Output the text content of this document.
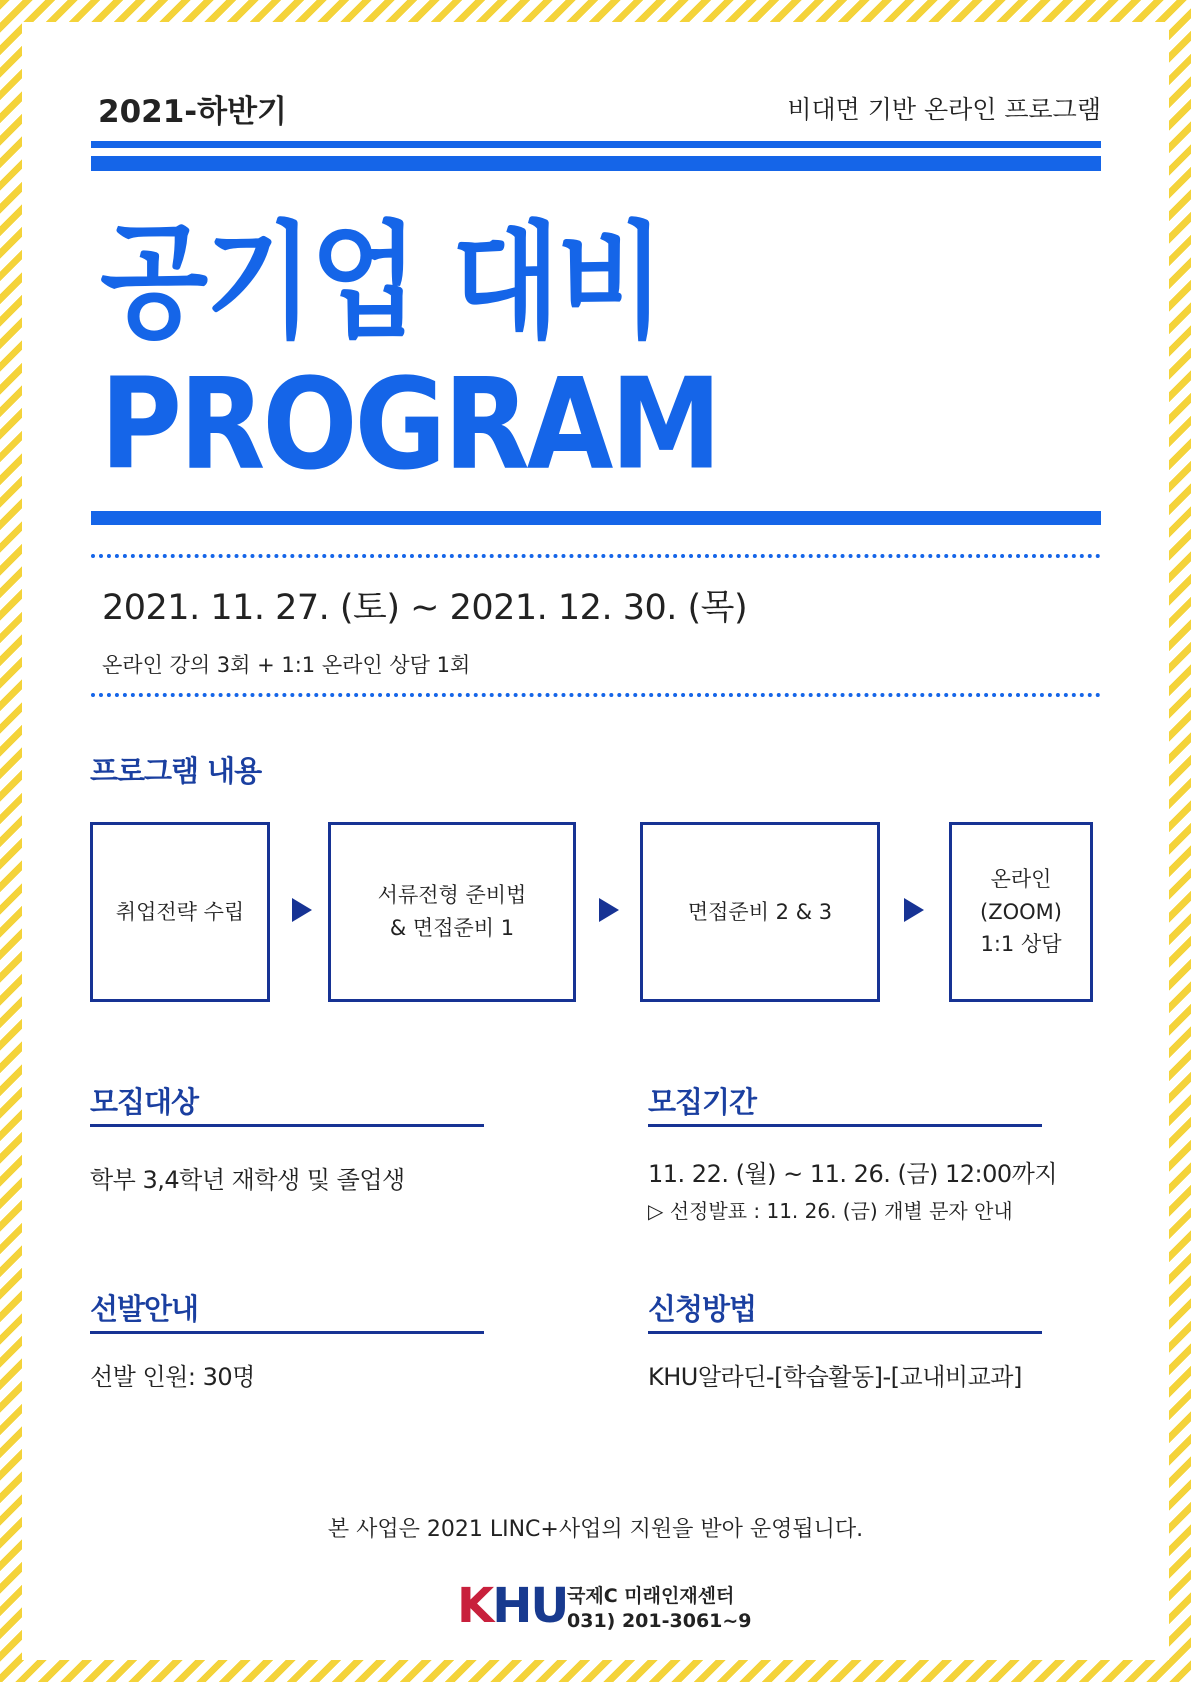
2021-하반기	비대면 기반 온라인 프로그램
공기업 대비
PROGRAM
2021. 11. 27. (토) ~ 2021. 12. 30. (목)
온라인 강의 3회 + 1:1 온라인 상담 1회
프로그램 내용
취업전략 수립
서류전형 준비법
& 면접준비 1
면접준비 2 & 3
온라인
(ZOOM)
1:1 상담
모집대상
학부 3,4학년 재학생 및 졸업생
모집기간
11. 22. (월) ~ 11. 26. (금) 12:00까지
▷ 선정발표 : 11. 26. (금) 개별 문자 안내
선발안내
선발 인원: 30명
신청방법
KHU알라딘-[학습활동]-[교내비교과]
본 사업은 2021 LINC+사업의 지원을 받아 운영됩니다.
KHU 국제C 미래인재센터
031) 201-3061~9
